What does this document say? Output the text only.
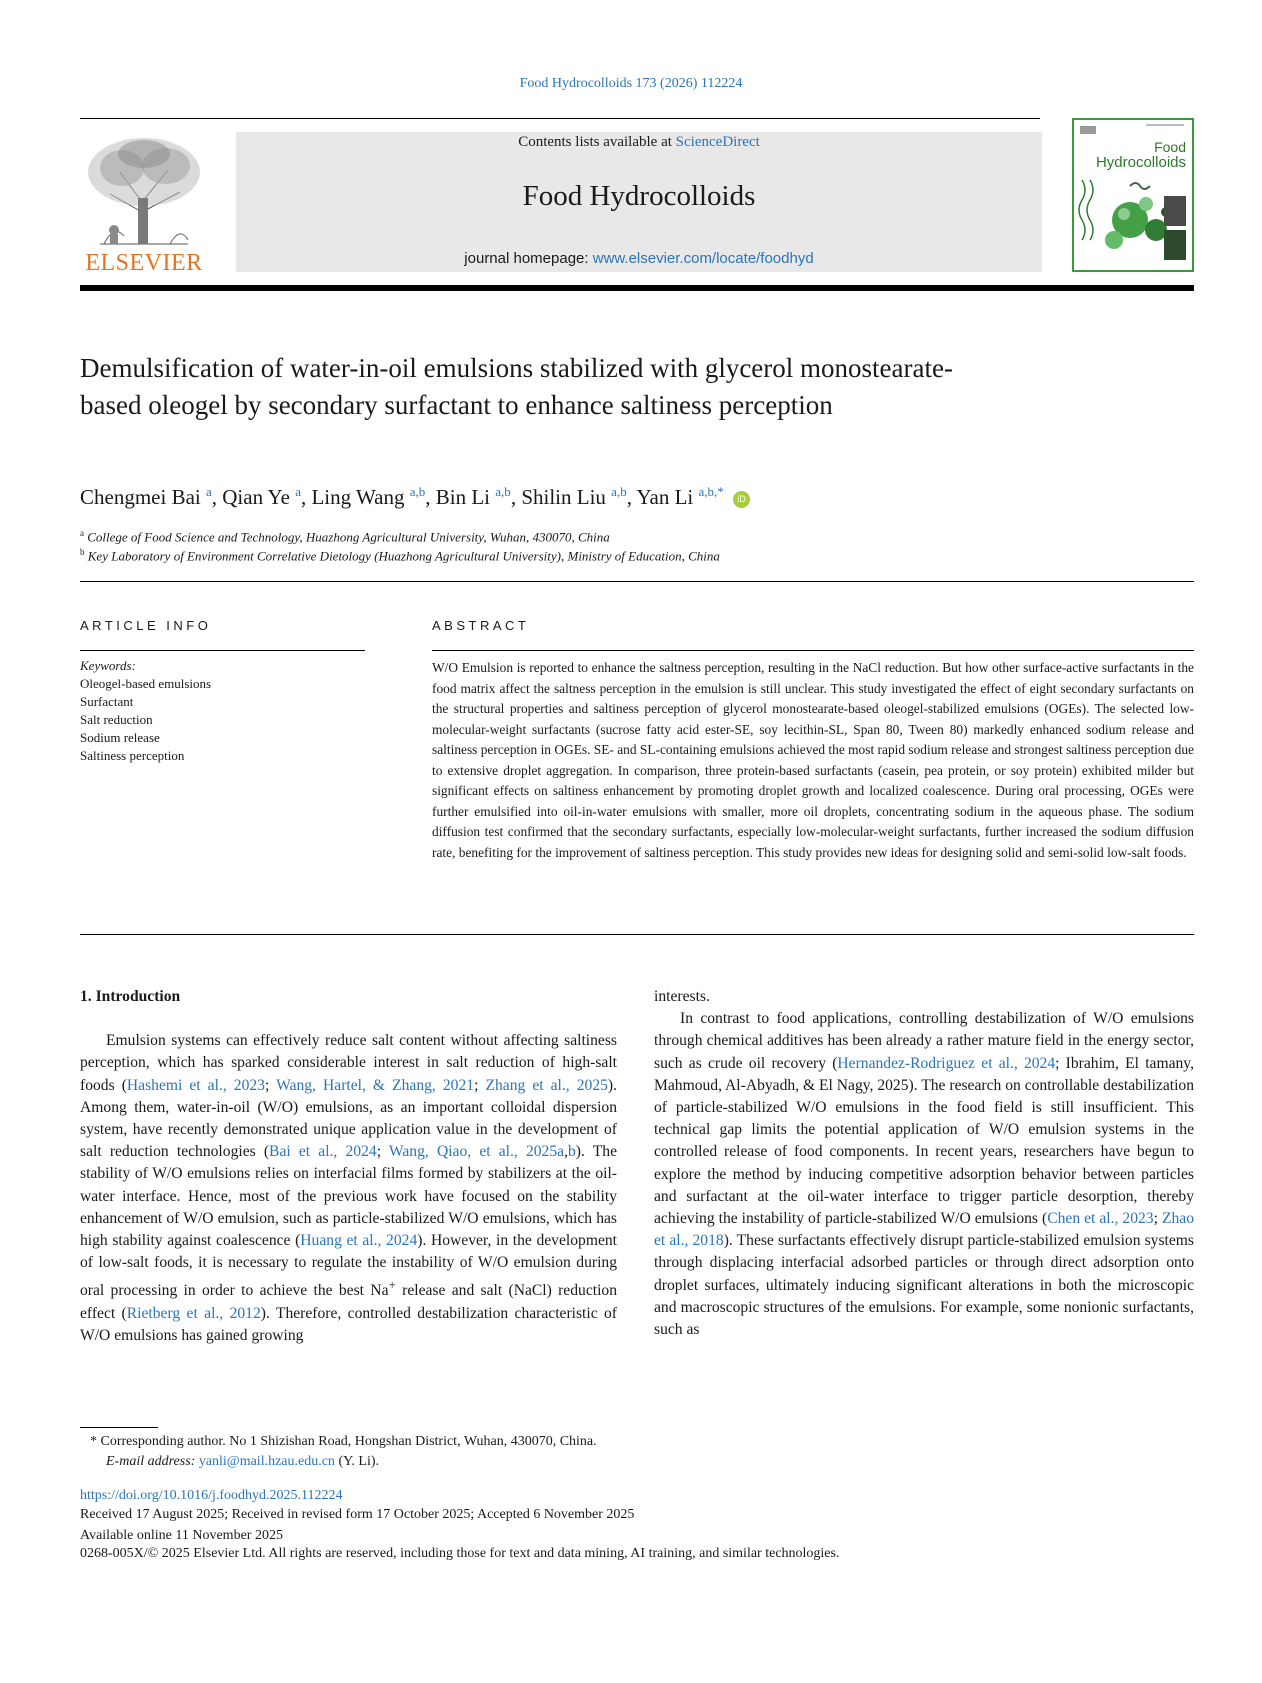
Food Hydrocolloids 173 (2026) 112224
ELSEVIER
Contents lists available at ScienceDirect
Food Hydrocolloids
journal homepage: www.elsevier.com/locate/foodhyd
Food
Hydrocolloids
Demulsification of water-in-oil emulsions stabilized with glycerol monostearate-based oleogel by secondary surfactant to enhance saltiness perception
Chengmei Bai $^a$, Qian Ye $^a$, Ling Wang $^{a,b}$, Bin Li $^{a,b}$, Shilin Liu $^{a,b}$, Yan Li $^{a,b,*}$ iD
$^a$ College of Food Science and Technology, Huazhong Agricultural University, Wuhan, 430070, China
$^b$ Key Laboratory of Environment Correlative Dietology (Huazhong Agricultural University), Ministry of Education, China
ARTICLE INFO	ABSTRACT
Keywords:
Oleogel-based emulsions
Surfactant
Salt reduction
Sodium release
Saltiness perception

W/O Emulsion is reported to enhance the saltness perception, resulting in the NaCl reduction. But how other surface-active surfactants in the food matrix affect the saltness perception in the emulsion is still unclear. This study investigated the effect of eight secondary surfactants on the structural properties and saltiness perception of glycerol monostearate-based oleogel-stabilized emulsions (OGEs). The selected low-molecular-weight surfactants (sucrose fatty acid ester-SE, soy lecithin-SL, Span 80, Tween 80) markedly enhanced sodium release and saltiness perception in OGEs. SE- and SL-containing emulsions achieved the most rapid sodium release and strongest saltiness perception due to extensive droplet aggregation. In comparison, three protein-based surfactants (casein, pea protein, or soy protein) exhibited milder but significant effects on saltiness enhancement by promoting droplet growth and localized coalescence. During oral processing, OGEs were further emulsified into oil-in-water emulsions with smaller, more oil droplets, concentrating sodium in the aqueous phase. The sodium diffusion test confirmed that the secondary surfactants, especially low-molecular-weight surfactants, further increased the sodium diffusion rate, benefiting for the improvement of saltiness perception. This study provides new ideas for designing solid and semi-solid low-salt foods.

1. Introduction

Emulsion systems can effectively reduce salt content without affecting saltiness perception, which has sparked considerable interest in salt reduction of high-salt foods (Hashemi et al., 2023; Wang, Hartel, & Zhang, 2021; Zhang et al., 2025). Among them, water-in-oil (W/O) emulsions, as an important colloidal dispersion system, have recently demonstrated unique application value in the development of salt reduction technologies (Bai et al., 2024; Wang, Qiao, et al., 2025a,b). The stability of W/O emulsions relies on interfacial films formed by stabilizers at the oil-water interface. Hence, most of the previous work have focused on the stability enhancement of W/O emulsion, such as particle-stabilized W/O emulsions, which has high stability against coalescence (Huang et al., 2024). However, in the development of low-salt foods, it is necessary to regulate the instability of W/O emulsion during oral processing in order to achieve the best Na+ release and salt (NaCl) reduction effect (Rietberg et al., 2012). Therefore, controlled destabilization characteristic of W/O emulsions has gained growing

interests.

In contrast to food applications, controlling destabilization of W/O emulsions through chemical additives has been already a rather mature field in the energy sector, such as crude oil recovery (Hernandez-Rodriguez et al., 2024; Ibrahim, El tamany, Mahmoud, Al-Abyadh, & El Nagy, 2025). The research on controllable destabilization of particle-stabilized W/O emulsions in the food field is still insufficient. This technical gap limits the potential application of W/O emulsion systems in the controlled release of food components. In recent years, researchers have begun to explore the method by inducing competitive adsorption behavior between particles and surfactant at the oil-water interface to trigger particle desorption, thereby achieving the instability of particle-stabilized W/O emulsions (Chen et al., 2023; Zhao et al., 2018). These surfactants effectively disrupt particle-stabilized emulsion systems through displacing interfacial adsorbed particles or through direct adsorption onto droplet surfaces, ultimately inducing significant alterations in both the microscopic and macroscopic structures of the emulsions. For example, some nonionic surfactants, such as

* Corresponding author. No 1 Shizishan Road, Hongshan District, Wuhan, 430070, China.
E-mail address: yanli@mail.hzau.edu.cn (Y. Li).
https://doi.org/10.1016/j.foodhyd.2025.112224
Received 17 August 2025; Received in revised form 17 October 2025; Accepted 6 November 2025
Available online 11 November 2025
0268-005X/© 2025 Elsevier Ltd. All rights are reserved, including those for text and data mining, AI training, and similar technologies.
